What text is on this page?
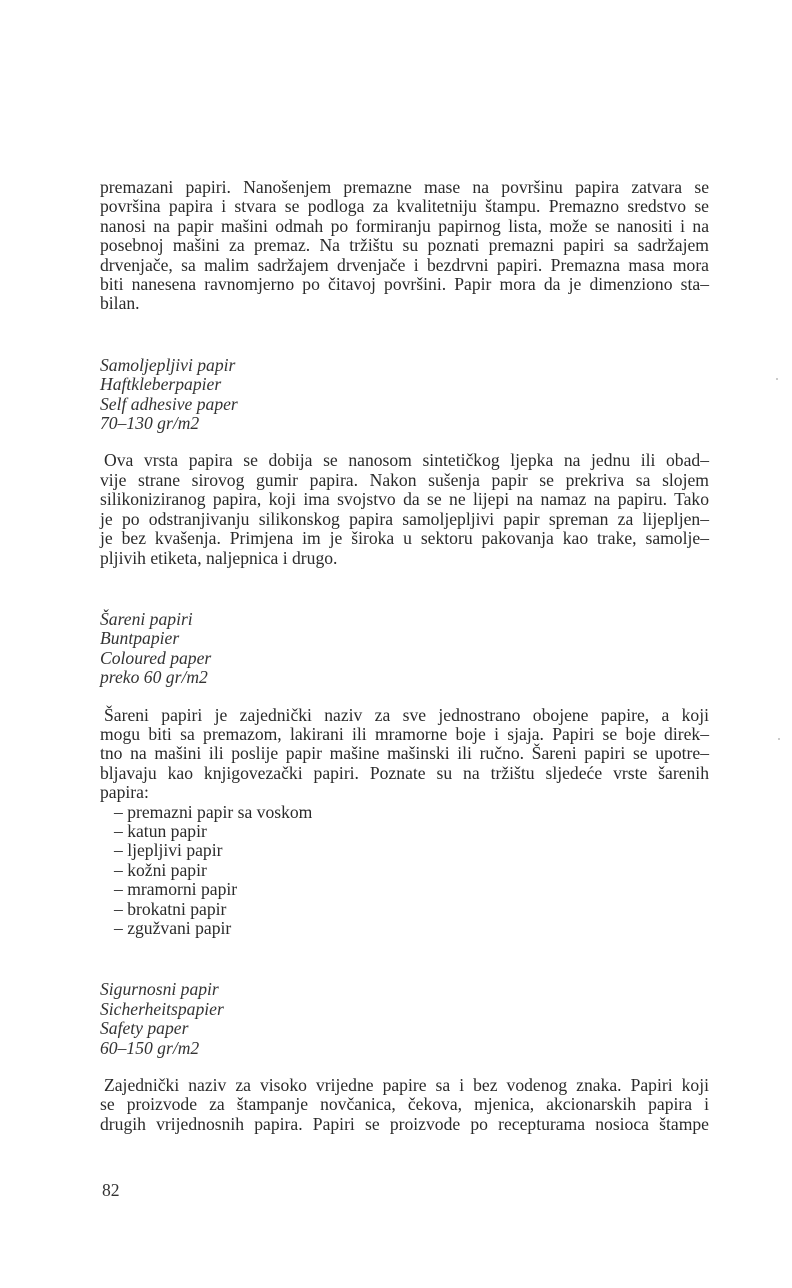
premazani papiri. Nanošenjem premazne mase na površinu papira zatvara se
površina papira i stvara se podloga za kvalitetniju štampu. Premazno sredstvo se
nanosi na papir mašini odmah po formiranju papirnog lista, može se nanositi i na
posebnoj mašini za premaz. Na tržištu su poznati premazni papiri sa sadržajem
drvenjače, sa malim sadržajem drvenjače i bezdrvni papiri. Premazna masa mora
biti nanesena ravnomjerno po čitavoj površini. Papir mora da je dimenziono sta–
bilan.

Samoljepljivi papir
Haftkleberpapier
Self adhesive paper
70–130 gr/m2

Ova vrsta papira se dobija se nanosom sintetičkog ljepka na jednu ili obad–
vije strane sirovog gumir papira. Nakon sušenja papir se prekriva sa slojem
silikoniziranog papira, koji ima svojstvo da se ne lijepi na namaz na papiru. Tako
je po odstranjivanju silikonskog papira samoljepljivi papir spreman za lijepljen–
je bez kvašenja. Primjena im je široka u sektoru pakovanja kao trake, samolje–
pljivih etiketa, naljepnica i drugo.

Šareni papiri
Buntpapier
Coloured paper
preko 60 gr/m2

Šareni papiri je zajednički naziv za sve jednostrano obojene papire, a koji
mogu biti sa premazom, lakirani ili mramorne boje i sjaja. Papiri se boje direk–
tno na mašini ili poslije papir mašine mašinski ili ručno. Šareni papiri se upotre–
bljavaju kao knjigovezački papiri. Poznate su na tržištu sljedeće vrste šarenih
papira:

– premazni papir sa voskom
– katun papir
– ljepljivi papir
– kožni papir
– mramorni papir
– brokatni papir
– zgužvani papir
Sigurnosni papir
Sicherheitspapier
Safety paper
60–150 gr/m2

Zajednički naziv za visoko vrijedne papire sa i bez vodenog znaka. Papiri koji
se proizvode za štampanje novčanica, čekova, mjenica, akcionarskih papira i
drugih vrijednosnih papira. Papiri se proizvode po recepturama nosioca štampe

82
